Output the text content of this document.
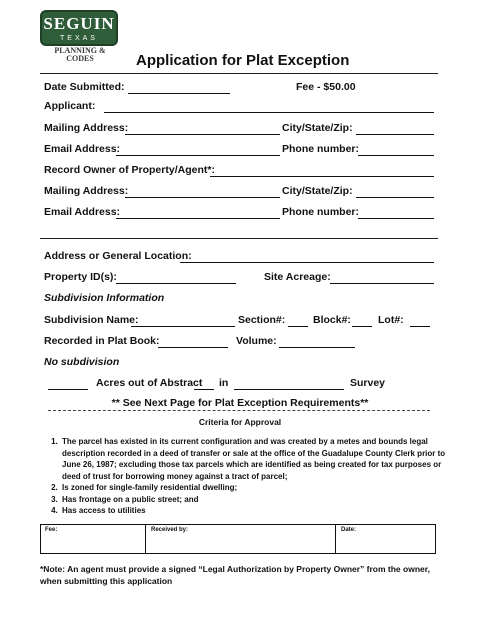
SEGUIN
TEXAS
PLANNING &
CODES	Application for Plat Exception
Date Submitted:	Fee - $50.00
Applicant:
Mailing Address:	City/State/Zip:
Email Address:	Phone number:
Record Owner of Property/Agent*:
Mailing Address:	City/State/Zip:
Email Address:	Phone number:
Address or General Location:
Property ID(s):	Site Acreage:
Subdivision Information
Subdivision Name:	Section#:	Block#:	Lot#:
Recorded in Plat Book:	Volume:
No subdivision
Acres out of Abstract in	Survey
** See Next Page for Plat Exception Requirements**
Criteria for Approval
1. The parcel has existed in its current configuration and was created by a metes and bounds legal description recorded in a deed of transfer or sale at the office of the Guadalupe County Clerk prior to June 26, 1987; excluding those tax parcels which are identified as being created for tax purposes or deed of trust for borrowing money against a tract of parcel;
2. Is zoned for single-family residential dwelling;
3. Has frontage on a public street; and
4. Has access to utilities
Fee:	Received by:	Date:
*Note: An agent must provide a signed “Legal Authorization by Property Owner” from the owner, when submitting this application
